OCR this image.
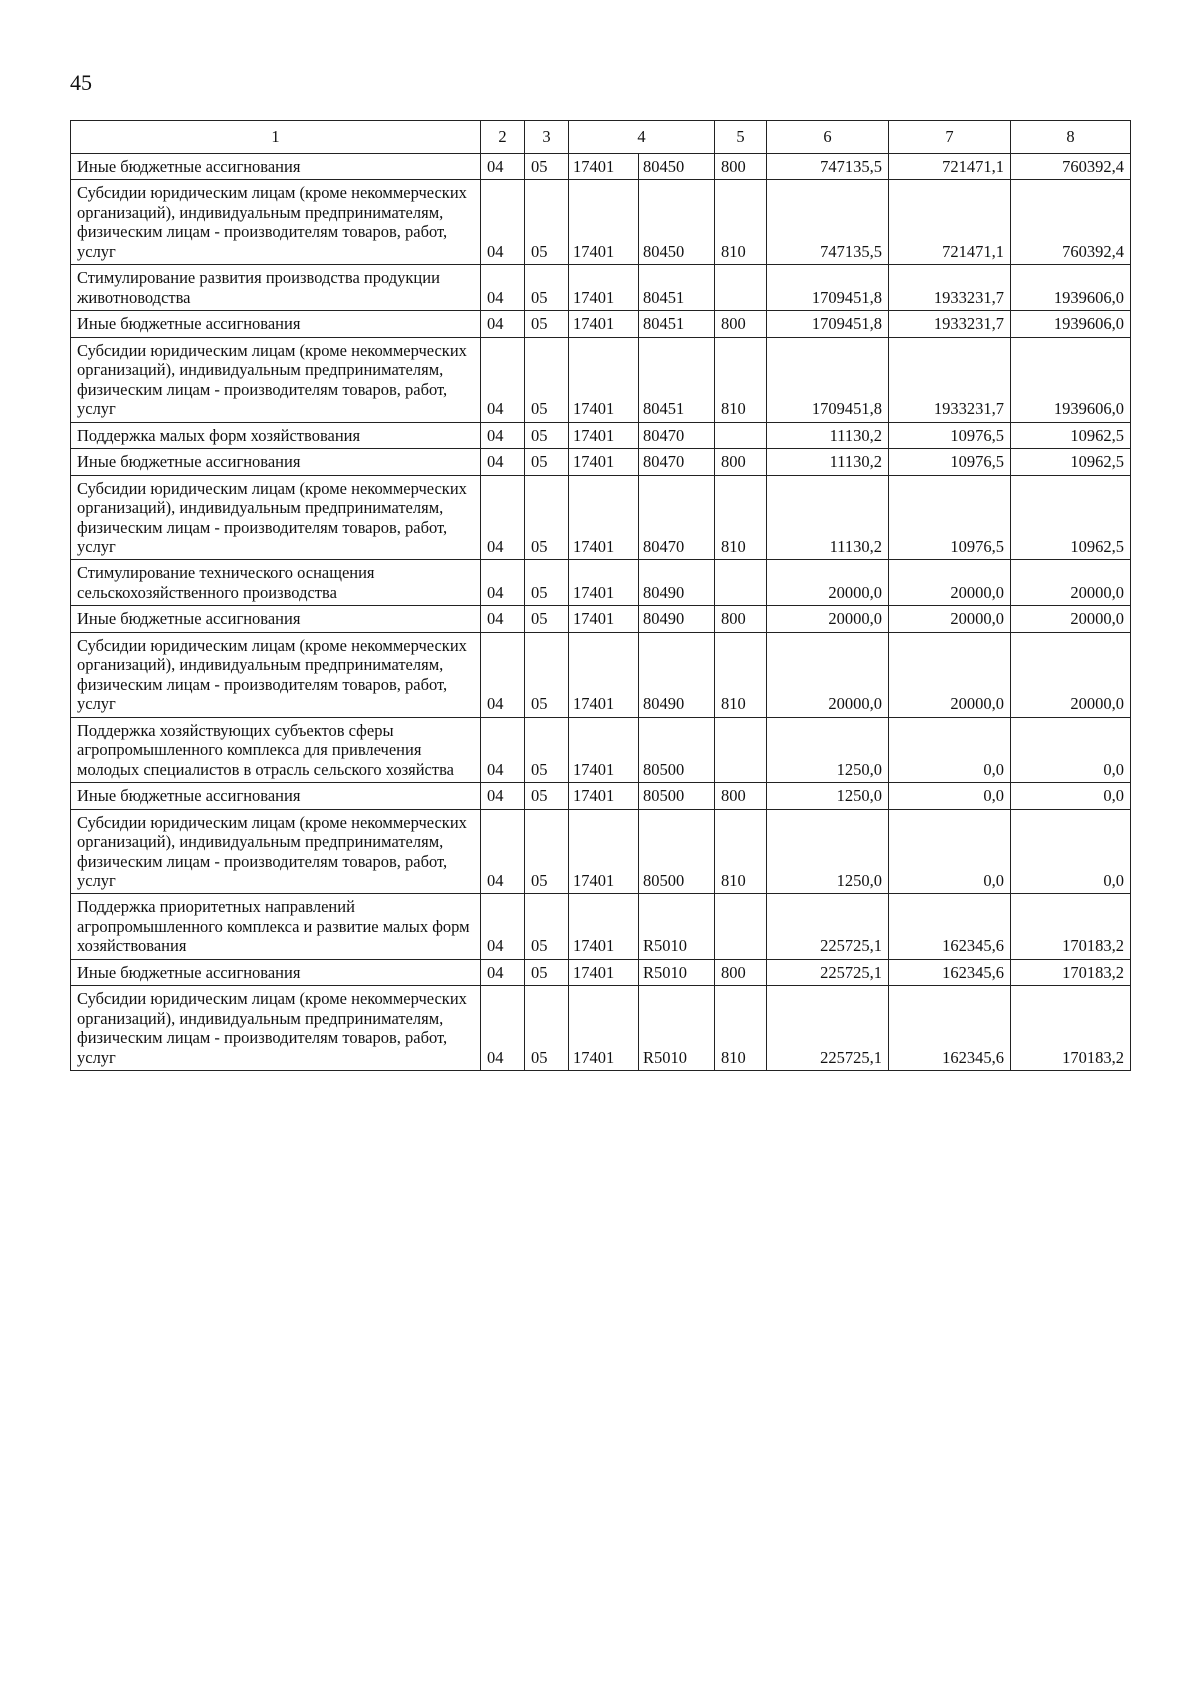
45
1	2	3	4		5	6	7	8
Иные бюджетные ассигнования	04	05	17401	80450	800	747135,5	721471,1	760392,4
Субсидии юридическим лицам (кроме некоммерческих организаций), индивидуальным предпринимателям, физическим лицам - производителям товаров, работ, услуг	04	05	17401	80450	810	747135,5	721471,1	760392,4
Стимулирование развития производства продукции животноводства	04	05	17401	80451		1709451,8	1933231,7	1939606,0
Иные бюджетные ассигнования	04	05	17401	80451	800	1709451,8	1933231,7	1939606,0
Субсидии юридическим лицам (кроме некоммерческих организаций), индивидуальным предпринимателям, физическим лицам - производителям товаров, работ, услуг	04	05	17401	80451	810	1709451,8	1933231,7	1939606,0
Поддержка малых форм хозяйствования	04	05	17401	80470		11130,2	10976,5	10962,5
Иные бюджетные ассигнования	04	05	17401	80470	800	11130,2	10976,5	10962,5
Субсидии юридическим лицам (кроме некоммерческих организаций), индивидуальным предпринимателям, физическим лицам - производителям товаров, работ, услуг	04	05	17401	80470	810	11130,2	10976,5	10962,5
Стимулирование технического оснащения сельскохозяйственного производства	04	05	17401	80490		20000,0	20000,0	20000,0
Иные бюджетные ассигнования	04	05	17401	80490	800	20000,0	20000,0	20000,0
Субсидии юридическим лицам (кроме некоммерческих организаций), индивидуальным предпринимателям, физическим лицам - производителям товаров, работ, услуг	04	05	17401	80490	810	20000,0	20000,0	20000,0
Поддержка хозяйствующих субъектов сферы агропромышленного комплекса для привлечения молодых специалистов в отрасль сельского хозяйства	04	05	17401	80500		1250,0	0,0	0,0
Иные бюджетные ассигнования	04	05	17401	80500	800	1250,0	0,0	0,0
Субсидии юридическим лицам (кроме некоммерческих организаций), индивидуальным предпринимателям, физическим лицам - производителям товаров, работ, услуг	04	05	17401	80500	810	1250,0	0,0	0,0
Поддержка приоритетных направлений агропромышленного комплекса и развитие малых форм хозяйствования	04	05	17401	R5010		225725,1	162345,6	170183,2
Иные бюджетные ассигнования	04	05	17401	R5010	800	225725,1	162345,6	170183,2
Субсидии юридическим лицам (кроме некоммерческих организаций), индивидуальным предпринимателям, физическим лицам - производителям товаров, работ, услуг	04	05	17401	R5010	810	225725,1	162345,6	170183,2
